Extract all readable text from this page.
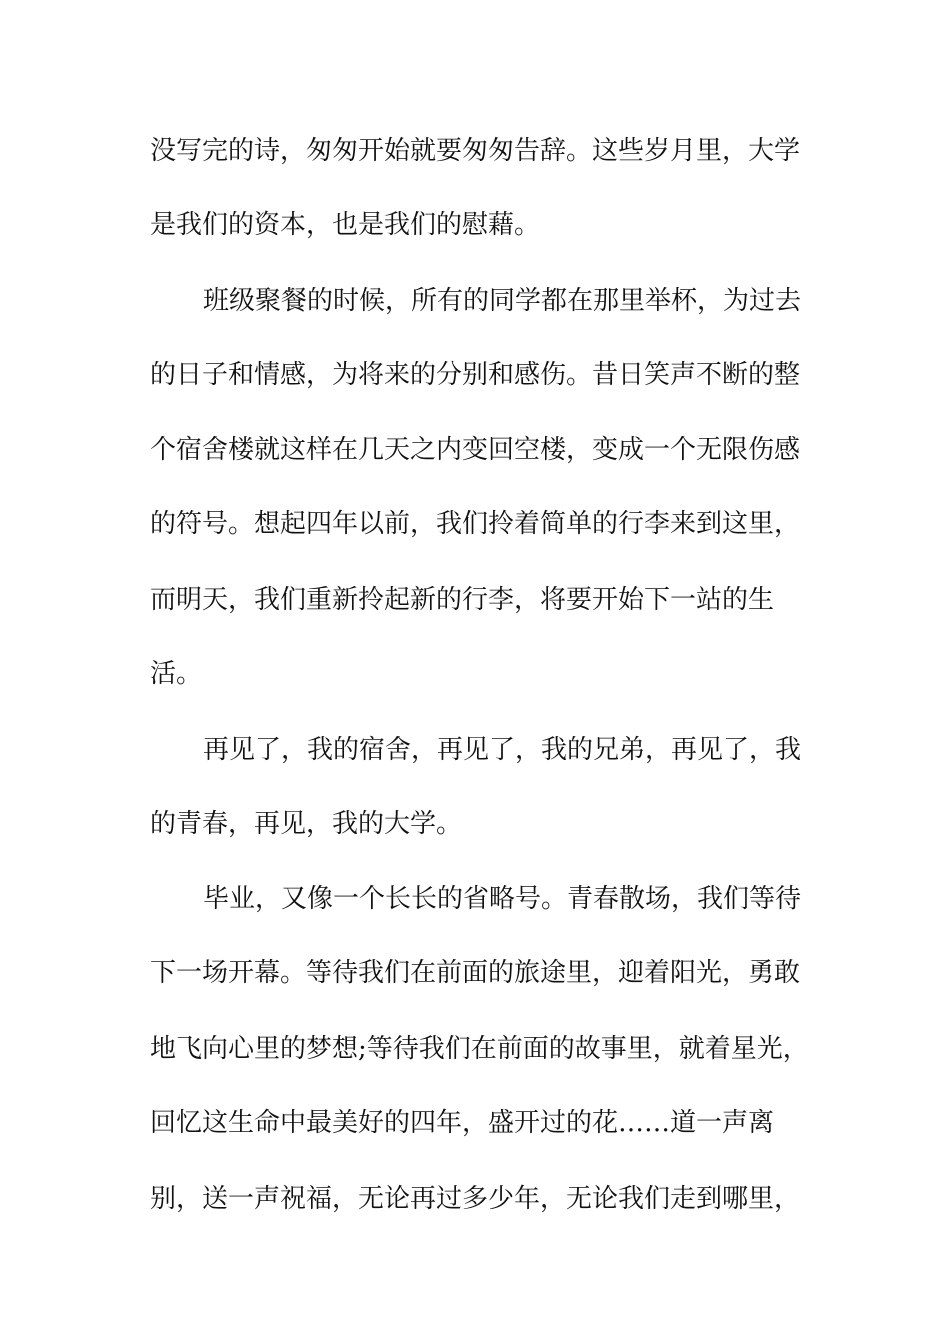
没写完的诗，匆匆开始就要匆匆告辞。这些岁月里，大学
是我们的资本，也是我们的慰藉。
班级聚餐的时候，所有的同学都在那里举杯，为过去
的日子和情感，为将来的分别和感伤。昔日笑声不断的整
个宿舍楼就这样在几天之内变回空楼，变成一个无限伤感
的符号。想起四年以前，我们拎着简单的行李来到这里，
而明天，我们重新拎起新的行李，将要开始下一站的生
活。
再见了，我的宿舍，再见了，我的兄弟，再见了，我
的青春，再见，我的大学。
毕业，又像一个长长的省略号。青春散场，我们等待
下一场开幕。等待我们在前面的旅途里，迎着阳光，勇敢
地飞向心里的梦想;等待我们在前面的故事里，就着星光，
回忆这生命中最美好的四年，盛开过的花……道一声离
别，送一声祝福，无论再过多少年，无论我们走到哪里，
